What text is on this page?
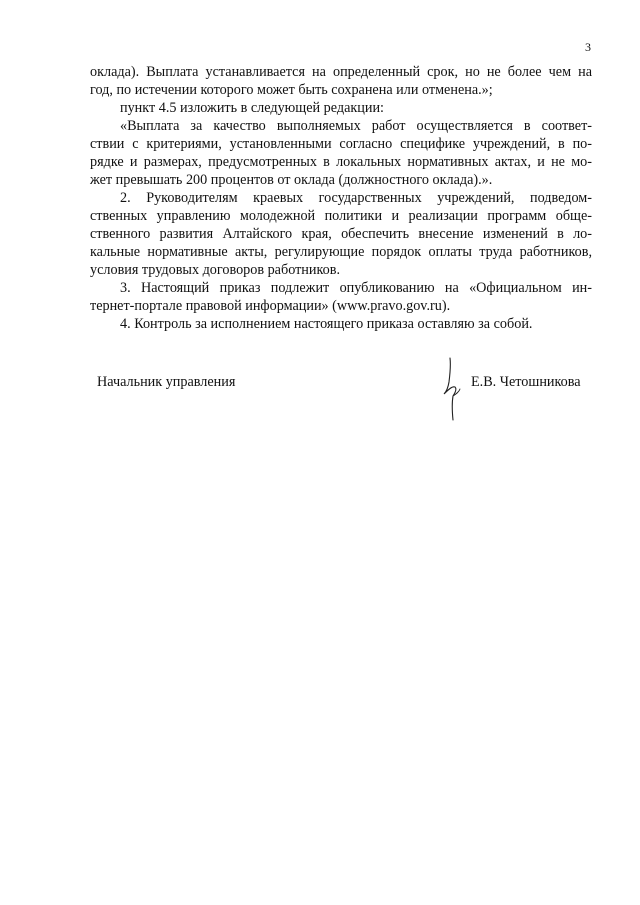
3
оклада). Выплата устанавливается на определенный срок, но не более чем на
год, по истечении которого может быть сохранена или отменена.»;
пункт 4.5 изложить в следующей редакции:
«Выплата за качество выполняемых работ осуществляется в соответ-
ствии с критериями, установленными согласно специфике учреждений, в по-
рядке и размерах, предусмотренных в локальных нормативных актах, и не мо-
жет превышать 200 процентов от оклада (должностного оклада).».
2. Руководителям краевых государственных учреждений, подведом-
ственных управлению молодежной политики и реализации программ обще-
ственного развития Алтайского края, обеспечить внесение изменений в ло-
кальные нормативные акты, регулирующие порядок оплаты труда работников,
условия трудовых договоров работников.
3. Настоящий приказ подлежит опубликованию на «Официальном ин-
тернет-портале правовой информации» (www.pravo.gov.ru).
4. Контроль за исполнением настоящего приказа оставляю за собой.
Начальник управления	Е.В. Четошникова
